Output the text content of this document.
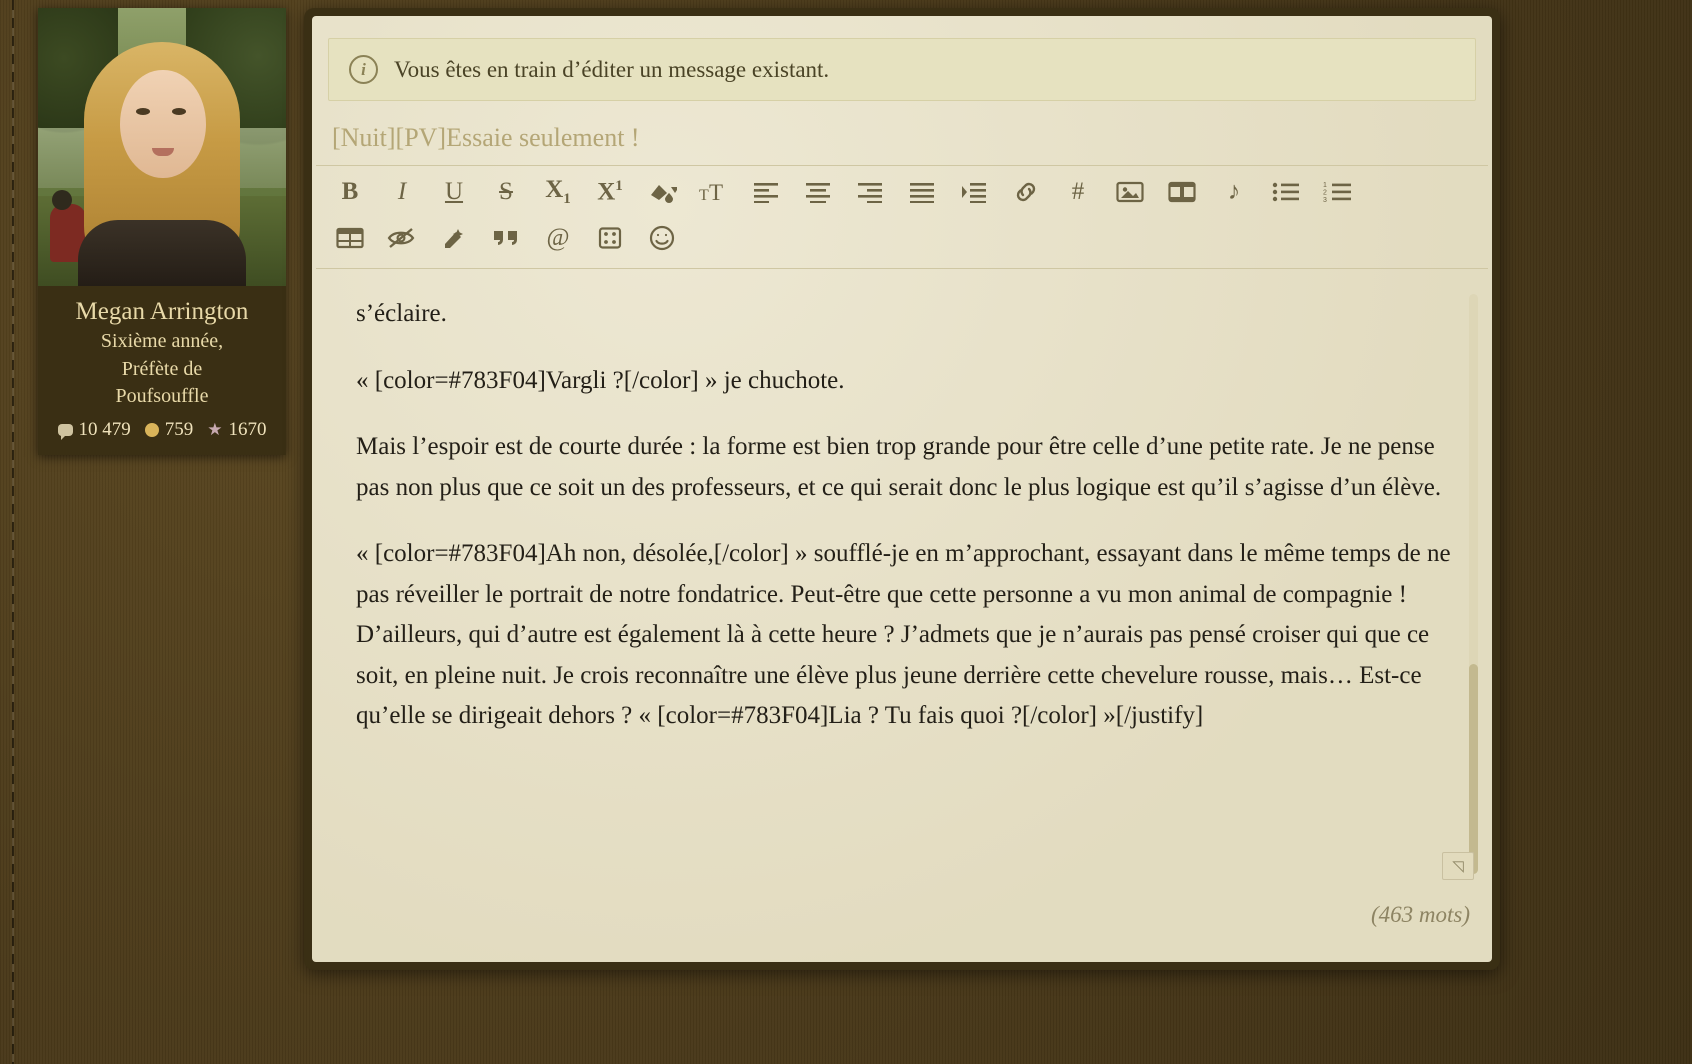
Megan Arrington
Sixième année,
Préfète de
Poufsouffle
10 479 759 ★ 1670
i	Vous êtes en train d’éditer un message existant.
[Nuit][PV]Essaie seulement !
B I U S $X_1$ $X^1$
T T	#	♪	1
2
3
@

s’éclaire.

« [color=#783F04]Vargli ?[/color] » je chuchote.

Mais l’espoir est de courte durée : la forme est bien trop grande pour être celle d’une petite rate. Je ne pense pas non plus que ce soit un des professeurs, et ce qui serait donc le plus logique est qu’il s’agisse d’un élève.

« [color=#783F04]Ah non, désolée,[/color] » soufflé-je en m’approchant, essayant dans le même temps de ne pas réveiller le portrait de notre fondatrice. Peut-être que cette personne a vu mon animal de compagnie ! D’ailleurs, qui d’autre est également là à cette heure ? J’admets que je n’aurais pas pensé croiser qui que ce soit, en pleine nuit. Je crois reconnaître une élève plus jeune derrière cette chevelure rousse, mais… Est-ce qu’elle se dirigeait dehors ? « [color=#783F04]Lia ? Tu fais quoi ?[/color] »[/justify]

◹
(463 mots)
